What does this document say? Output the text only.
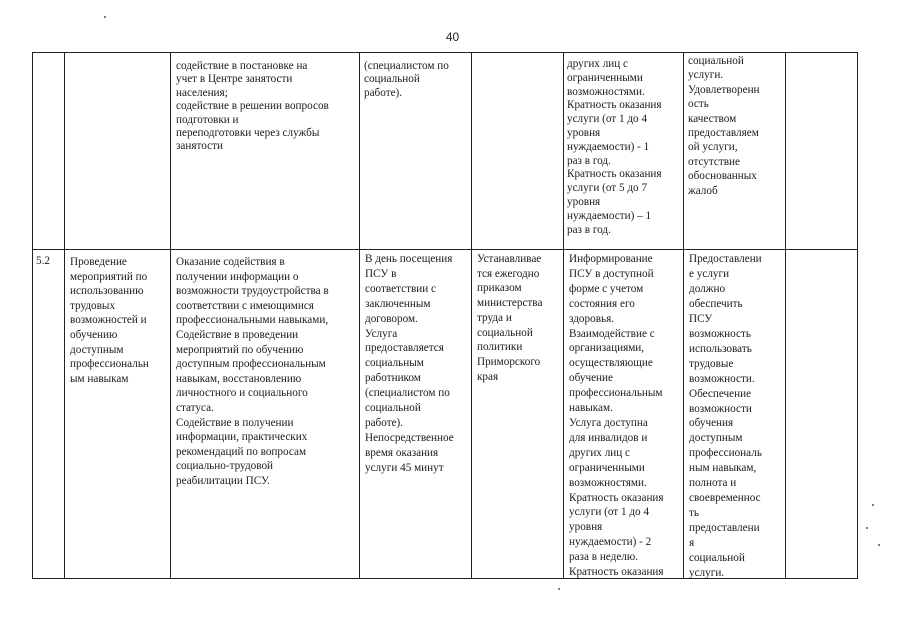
40
содействие в постановке на
учет в Центре занятости
населения;
содействие в решении вопросов
подготовки и
переподготовки через службы
занятости
(специалистом по
социальной
работе).
других лиц с
ограниченными
возможностями.
Кратность оказания
услуги (от 1 до 4
уровня
нуждаемости) - 1
раз в год.
Кратность оказания
услуги (от 5 до 7
уровня
нуждаемости) – 1
раз в год.
социальной
услуги.
Удовлетворенн
ость
качеством
предоставляем
ой услуги,
отсутствие
обоснованных
жалоб
5.2	Проведение
мероприятий по
использованию
трудовых
возможностей и
обучению
доступным
профессиональн
ым навыкам
Оказание содействия в
получении информации о
возможности трудоустройства в
соответствии с имеющимися
профессиональными навыками,
Содействие в проведении
мероприятий по обучению
доступным профессиональным
навыкам, восстановлению
личностного и социального
статуса.
Содействие в получении
информации, практических
рекомендаций по вопросам
социально-трудовой
реабилитации ПСУ.
В день посещения
ПСУ в
соответствии с
заключенным
договором.
Услуга
предоставляется
социальным
работником
(специалистом по
социальной
работе).
Непосредственное
время оказания
услуги 45 минут
Устанавливае
тся ежегодно
приказом
министерства
труда и
социальной
политики
Приморского
края
Информирование
ПСУ в доступной
форме с учетом
состояния его
здоровья.
Взаимодействие с
организациями,
осуществляющие
обучение
профессиональным
навыкам.
Услуга доступна
для инвалидов и
других лиц с
ограниченными
возможностями.
Кратность оказания
услуги (от 1 до 4
уровня
нуждаемости) - 2
раза в неделю.
Кратность оказания
Предоставлени
е услуги
должно
обеспечить
ПСУ
возможность
использовать
трудовые
возможности.
Обеспечение
возможности
обучения
доступным
профессиональ
ным навыкам,
полнота и
своевременнос
ть
предоставлени
я
социальной
услуги.
